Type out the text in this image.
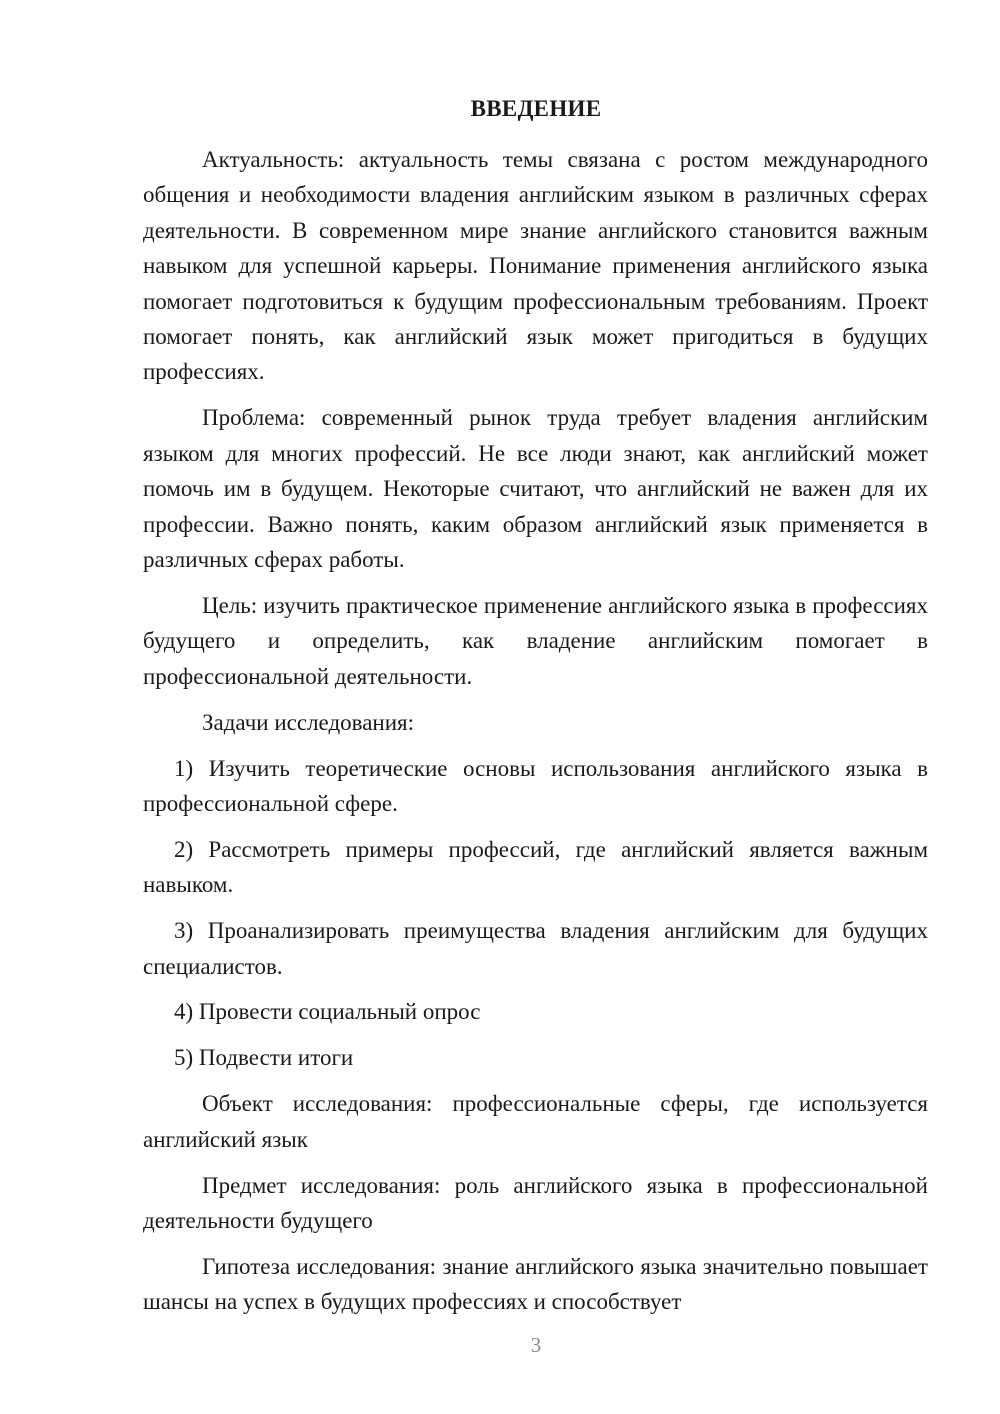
ВВЕДЕНИЕ

Актуальность: актуальность темы связана с ростом международного общения и необходимости владения английским языком в различных сферах деятельности. В современном мире знание английского становится важным навыком для успешной карьеры. Понимание применения английского языка помогает подготовиться к будущим профессиональным требованиям. Проект помогает понять, как английский язык может пригодиться в будущих профессиях.

Проблема: современный рынок труда требует владения английским языком для многих профессий. Не все люди знают, как английский может помочь им в будущем. Некоторые считают, что английский не важен для их профессии. Важно понять, каким образом английский язык применяется в различных сферах работы.

Цель: изучить практическое применение английского языка в профессиях будущего и определить, как владение английским помогает в профессиональной деятельности.

Задачи исследования:

1) Изучить теоретические основы использования английского языка в профессиональной сфере.

2) Рассмотреть примеры профессий, где английский является важным навыком.

3) Проанализировать преимущества владения английским для будущих специалистов.

4) Провести социальный опрос

5) Подвести итоги

Объект исследования: профессиональные сферы, где используется английский язык

Предмет исследования: роль английского языка в профессиональной деятельности будущего

Гипотеза исследования: знание английского языка значительно повышает шансы на успех в будущих профессиях и способствует

3
